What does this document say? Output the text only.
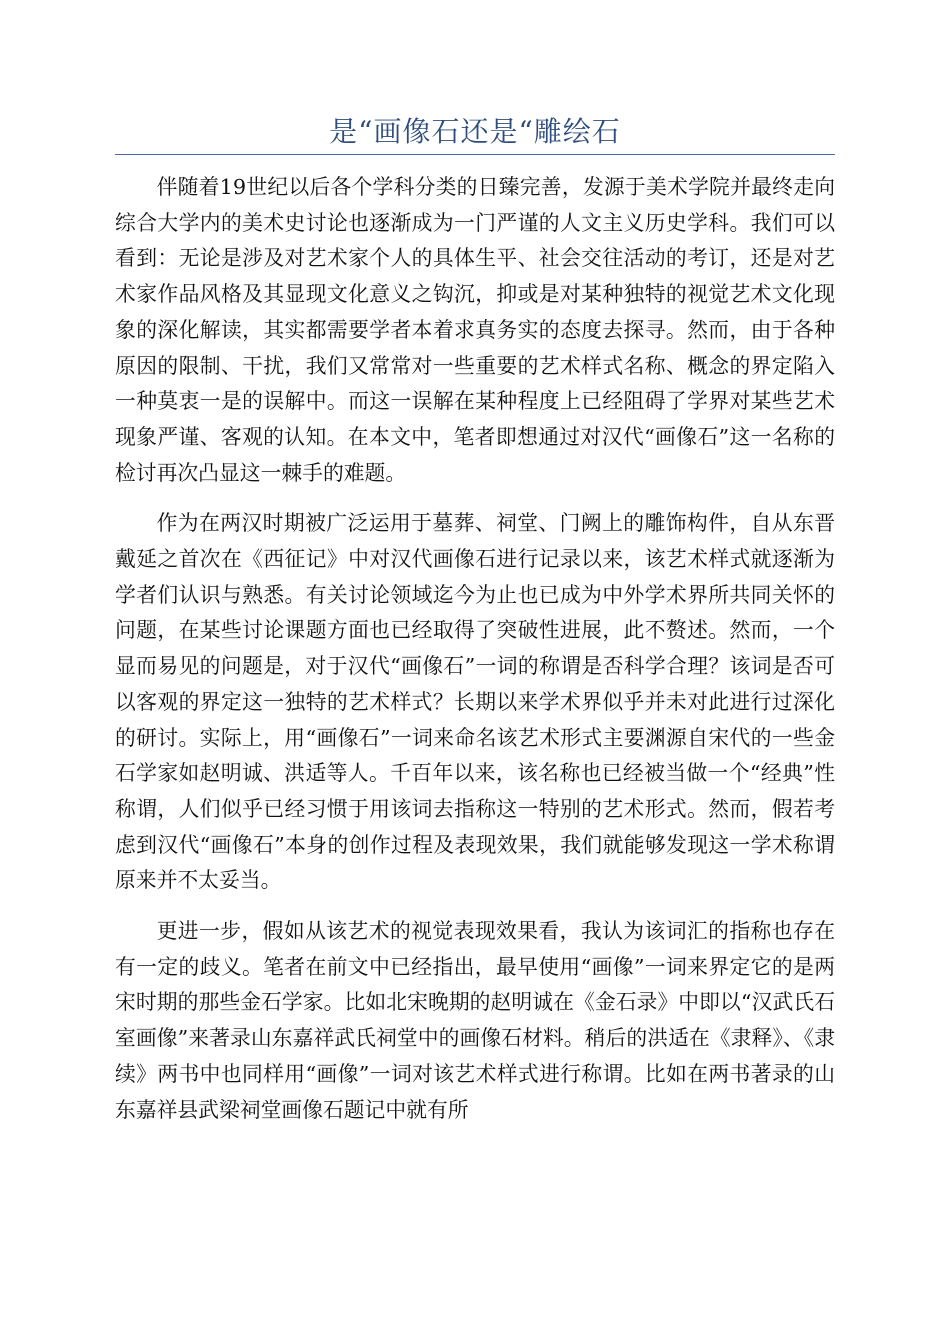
是“画像石还是“雕绘石

伴随着19世纪以后各个学科分类的日臻完善，发源于美术学院并最终走向综合大学内的美术史讨论也逐渐成为一门严谨的人文主义历史学科。我们可以看到：无论是涉及对艺术家个人的具体生平、社会交往活动的考订，还是对艺术家作品风格及其显现文化意义之钩沉，抑或是对某种独特的视觉艺术文化现象的深化解读，其实都需要学者本着求真务实的态度去探寻。然而，由于各种原因的限制、干扰，我们又常常对一些重要的艺术样式名称、概念的界定陷入一种莫衷一是的误解中。而这一误解在某种程度上已经阻碍了学界对某些艺术现象严谨、客观的认知。在本文中，笔者即想通过对汉代“画像石”这一名称的检讨再次凸显这一棘手的难题。

作为在两汉时期被广泛运用于墓葬、祠堂、门阙上的雕饰构件，自从东晋戴延之首次在《西征记》中对汉代画像石进行记录以来，该艺术样式就逐渐为学者们认识与熟悉。有关讨论领域迄今为止也已成为中外学术界所共同关怀的问题，在某些讨论课题方面也已经取得了突破性进展，此不赘述。然而，一个显而易见的问题是，对于汉代“画像石”一词的称谓是否科学合理？该词是否可以客观的界定这一独特的艺术样式？长期以来学术界似乎并未对此进行过深化的研讨。实际上，用“画像石”一词来命名该艺术形式主要渊源自宋代的一些金石学家如赵明诚、洪适等人。千百年以来，该名称也已经被当做一个“经典”性称谓，人们似乎已经习惯于用该词去指称这一特别的艺术形式。然而，假若考虑到汉代“画像石”本身的创作过程及表现效果，我们就能够发现这一学术称谓原来并不太妥当。

更进一步，假如从该艺术的视觉表现效果看，我认为该词汇的指称也存在有一定的歧义。笔者在前文中已经指出，最早使用“画像”一词来界定它的是两宋时期的那些金石学家。比如北宋晚期的赵明诚在《金石录》中即以“汉武氏石室画像”来著录山东嘉祥武氏祠堂中的画像石材料。稍后的洪适在《隶释》、《隶续》两书中也同样用“画像”一词对该艺术样式进行称谓。比如在两书著录的山东嘉祥县武梁祠堂画像石题记中就有所
